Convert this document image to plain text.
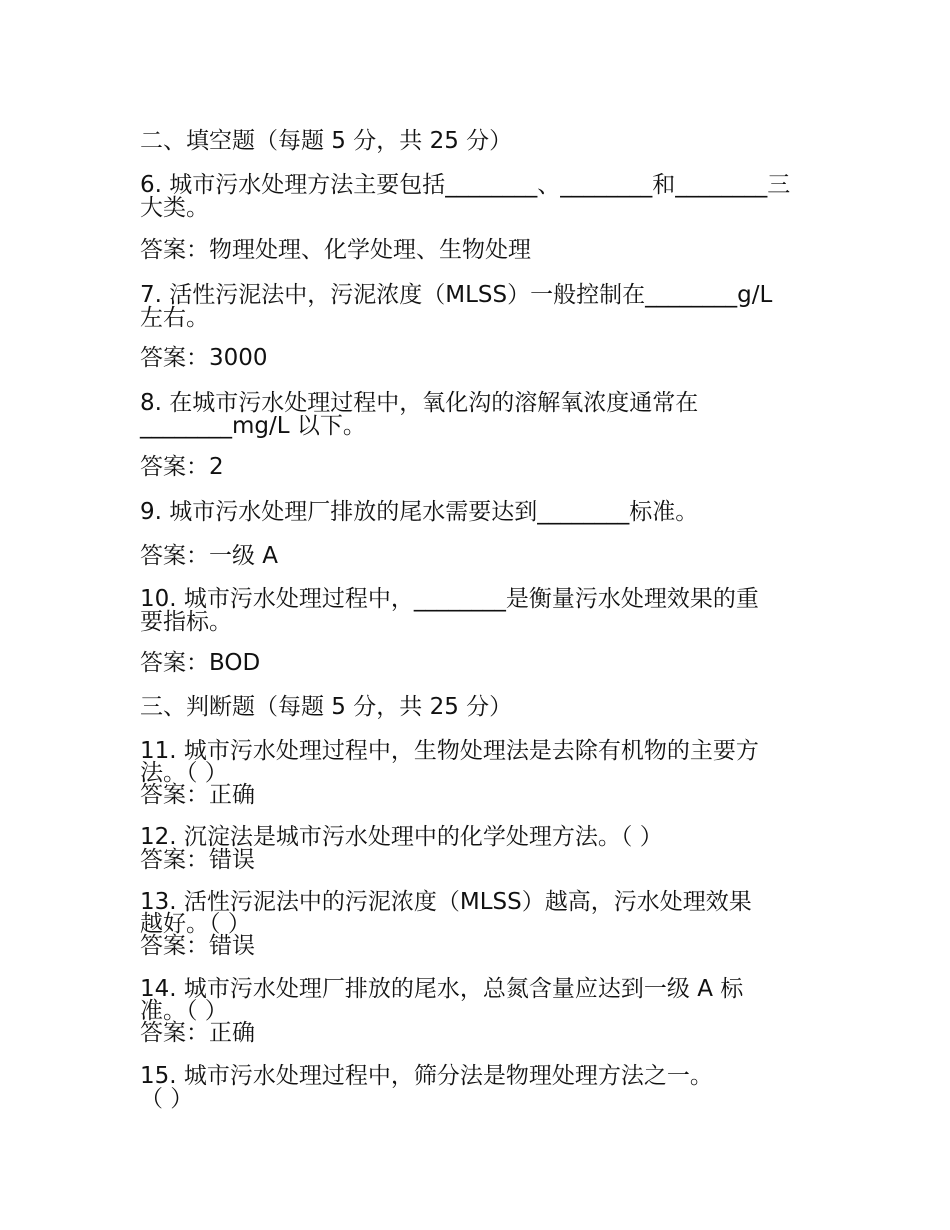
二、填空题（每题 5 分，共 25 分）

6. 城市污水处理方法主要包括________、________和________三

大类。

答案：物理处理、化学处理、生物处理

7. 活性污泥法中，污泥浓度（MLSS）一般控制在________g/L

左右。

答案：3000

8. 在城市污水处理过程中，氧化沟的溶解氧浓度通常在

________mg/L 以下。

答案：2

9. 城市污水处理厂排放的尾水需要达到________标准。

答案：一级 A

10. 城市污水处理过程中，________是衡量污水处理效果的重

要指标。

答案：BOD

三、判断题（每题 5 分，共 25 分）

11. 城市污水处理过程中，生物处理法是去除有机物的主要方

法。（ ）

答案：正确

12. 沉淀法是城市污水处理中的化学处理方法。（ ）

答案：错误

13. 活性污泥法中的污泥浓度（MLSS）越高，污水处理效果

越好。（ ）

答案：错误

14. 城市污水处理厂排放的尾水，总氮含量应达到一级 A 标

准。（ ）

答案：正确

15. 城市污水处理过程中，筛分法是物理处理方法之一。

（ ）
